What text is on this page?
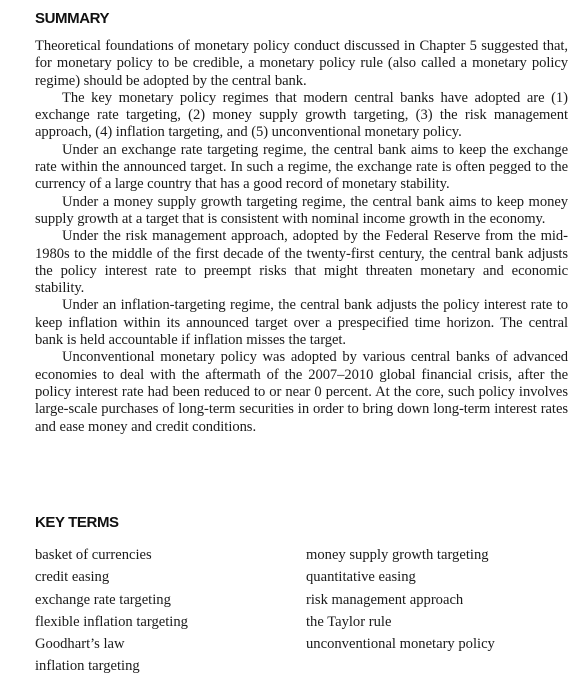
SUMMARY

Theoretical foundations of monetary policy conduct discussed in Chapter 5 suggested that, for monetary policy to be credible, a monetary policy rule (also called a monetary policy regime) should be adopted by the central bank.

The key monetary policy regimes that modern central banks have adopted are (1) exchange rate targeting, (2) money supply growth targeting, (3) the risk management approach, (4) inflation targeting, and (5) unconventional monetary policy.

Under an exchange rate targeting regime, the central bank aims to keep the exchange rate within the announced target. In such a regime, the exchange rate is often pegged to the currency of a large country that has a good record of monetary stability.

Under a money supply growth targeting regime, the central bank aims to keep money supply growth at a target that is consistent with nominal income growth in the economy.

Under the risk management approach, adopted by the Federal Reserve from the mid-1980s to the middle of the first decade of the twenty-first century, the central bank adjusts the policy interest rate to preempt risks that might threaten monetary and economic stability.

Under an inflation-targeting regime, the central bank adjusts the policy interest rate to keep inflation within its announced target over a prespecified time horizon. The central bank is held accountable if inflation misses the target.

Unconventional monetary policy was adopted by various central banks of advanced economies to deal with the aftermath of the 2007–2010 global financial crisis, after the policy interest rate had been reduced to or near 0 percent. At the core, such policy involves large-scale purchases of long-term securities in order to bring down long-term interest rates and ease money and credit conditions.

KEY TERMS
basket of currencies
credit easing
exchange rate targeting
flexible inflation targeting
Goodhart’s law
inflation targeting
money supply growth targeting
quantitative easing
risk management approach
the Taylor rule
unconventional monetary policy
